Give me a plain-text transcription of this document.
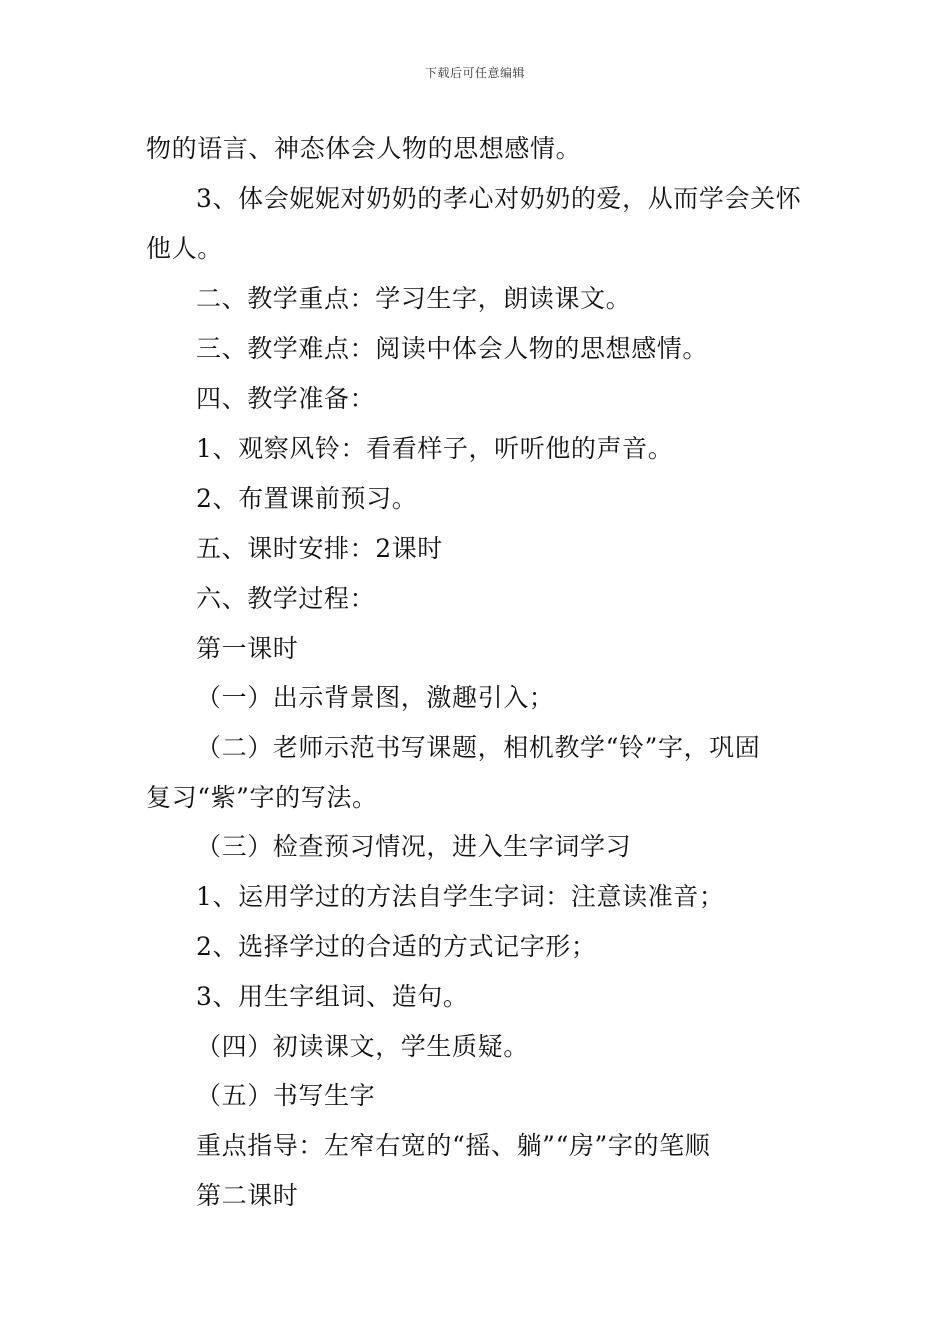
下载后可任意编辑
物的语言、神态体会人物的思想感情。
3、体会妮妮对奶奶的孝心对奶奶的爱，从而学会关怀
他人。
二、教学重点：学习生字，朗读课文。
三、教学难点：阅读中体会人物的思想感情。
四、教学准备：
1、观察风铃：看看样子，听听他的声音。
2、布置课前预习。
五、课时安排：2课时
六、教学过程：
第一课时
（一）出示背景图，激趣引入；
（二）老师示范书写课题，相机教学“铃”字，巩固
复习“紫”字的写法。
（三）检查预习情况，进入生字词学习
1、运用学过的方法自学生字词：注意读准音；
2、选择学过的合适的方式记字形；
3、用生字组词、造句。
（四）初读课文，学生质疑。
（五）书写生字
重点指导：左窄右宽的“摇、躺”“房”字的笔顺
第二课时
